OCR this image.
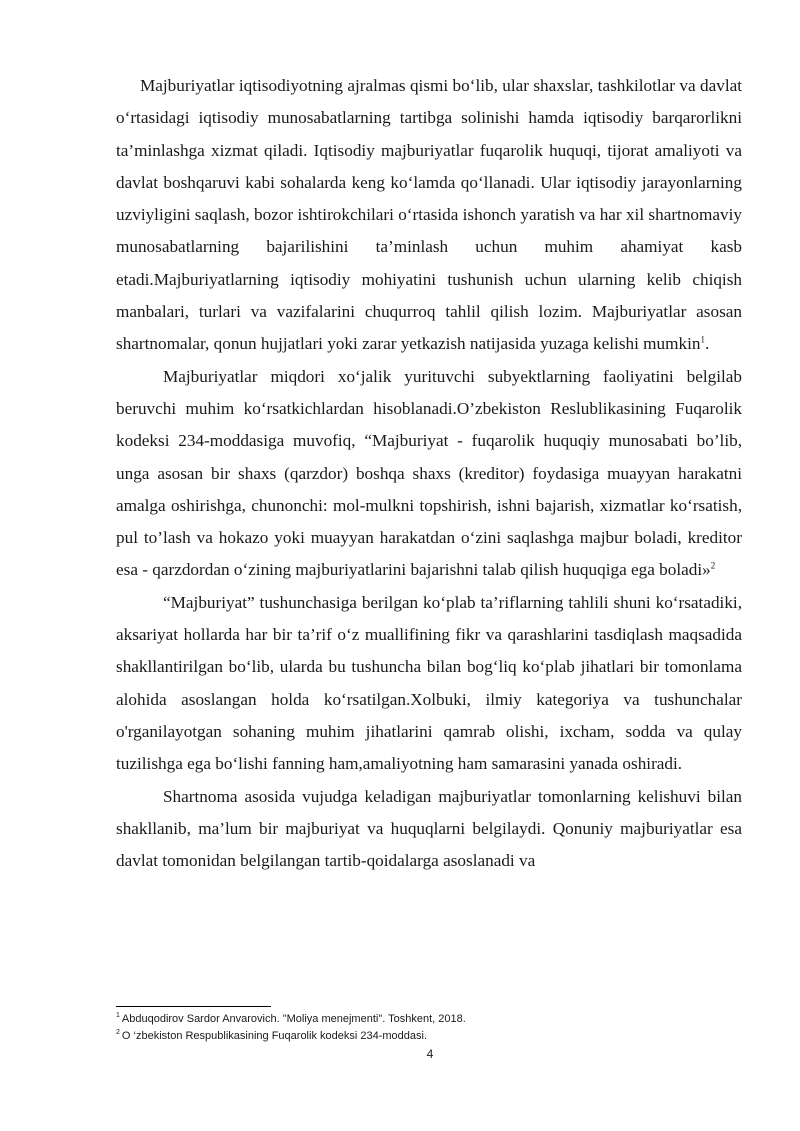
Majburiyatlar iqtisodiyotning ajralmas qismi bo‘lib, ular shaxslar, tashkilotlar va davlat o‘rtasidagi iqtisodiy munosabatlarning tartibga solinishi hamda iqtisodiy barqarorlikni ta’minlashga xizmat qiladi. Iqtisodiy majburiyatlar fuqarolik huquqi, tijorat amaliyoti va davlat boshqaruvi kabi sohalarda keng ko‘lamda qo‘llanadi. Ular iqtisodiy jarayonlarning uzviyligini saqlash, bozor ishtirokchilari o‘rtasida ishonch yaratish va har xil shartnomaviy munosabatlarning bajarilishini ta’minlash uchun muhim ahamiyat kasb etadi.Majburiyatlarning iqtisodiy mohiyatini tushunish uchun ularning kelib chiqish manbalari, turlari va vazifalarini chuqurroq tahlil qilish lozim. Majburiyatlar asosan shartnomalar, qonun hujjatlari yoki zarar yetkazish natijasida yuzaga kelishi mumkin$^1$.

Majburiyatlar miqdori xo‘jalik yurituvchi subyektlarning faoliyatini belgilab beruvchi muhim ko‘rsatkichlardan hisoblanadi.O’zbekiston Reslublikasining Fuqarolik kodeksi 234-moddasiga muvofiq, “Majburiyat - fuqarolik huquqiy munosabati bo’lib, unga asosan bir shaxs (qarzdor) boshqa shaxs (kreditor) foydasiga muayyan harakatni amalga oshirishga, chunonchi: mol-mulkni topshirish, ishni bajarish, xizmatlar ko‘rsatish, pul to’lash va hokazo yoki muayyan harakatdan o‘zini saqlashga majbur boladi, kreditor esa - qarzdordan o‘zining majburiyatlarini bajarishni talab qilish huquqiga ega boladi»$^2$

“Majburiyat” tushunchasiga berilgan ko‘plab ta’riflarning tahlili shuni ko‘rsatadiki, aksariyat hollarda har bir ta’rif o‘z muallifining fikr va qarashlarini tasdiqlash maqsadida shakllantirilgan bo‘lib, ularda bu tushuncha bilan bog‘liq ko‘plab jihatlari bir tomonlama alohida asoslangan holda ko‘rsatilgan.Xolbuki, ilmiy kategoriya va tushunchalar o'rganilayotgan sohaning muhim jihatlarini qamrab olishi, ixcham, sodda va qulay tuzilishga ega bo‘lishi fanning ham,amaliyotning ham samarasini yanada oshiradi.

Shartnoma asosida vujudga keladigan majburiyatlar tomonlarning kelishuvi bilan shakllanib, ma’lum bir majburiyat va huquqlarni belgilaydi. Qonuniy majburiyatlar esa davlat tomonidan belgilangan tartib-qoidalarga asoslanadi va

$^1$ Abduqodirov Sardor Anvarovich. "Moliya menejmenti". Toshkent, 2018.

$^2$ O ‘zbekiston Respublikasining Fuqarolik kodeksi 234-moddasi.

4
